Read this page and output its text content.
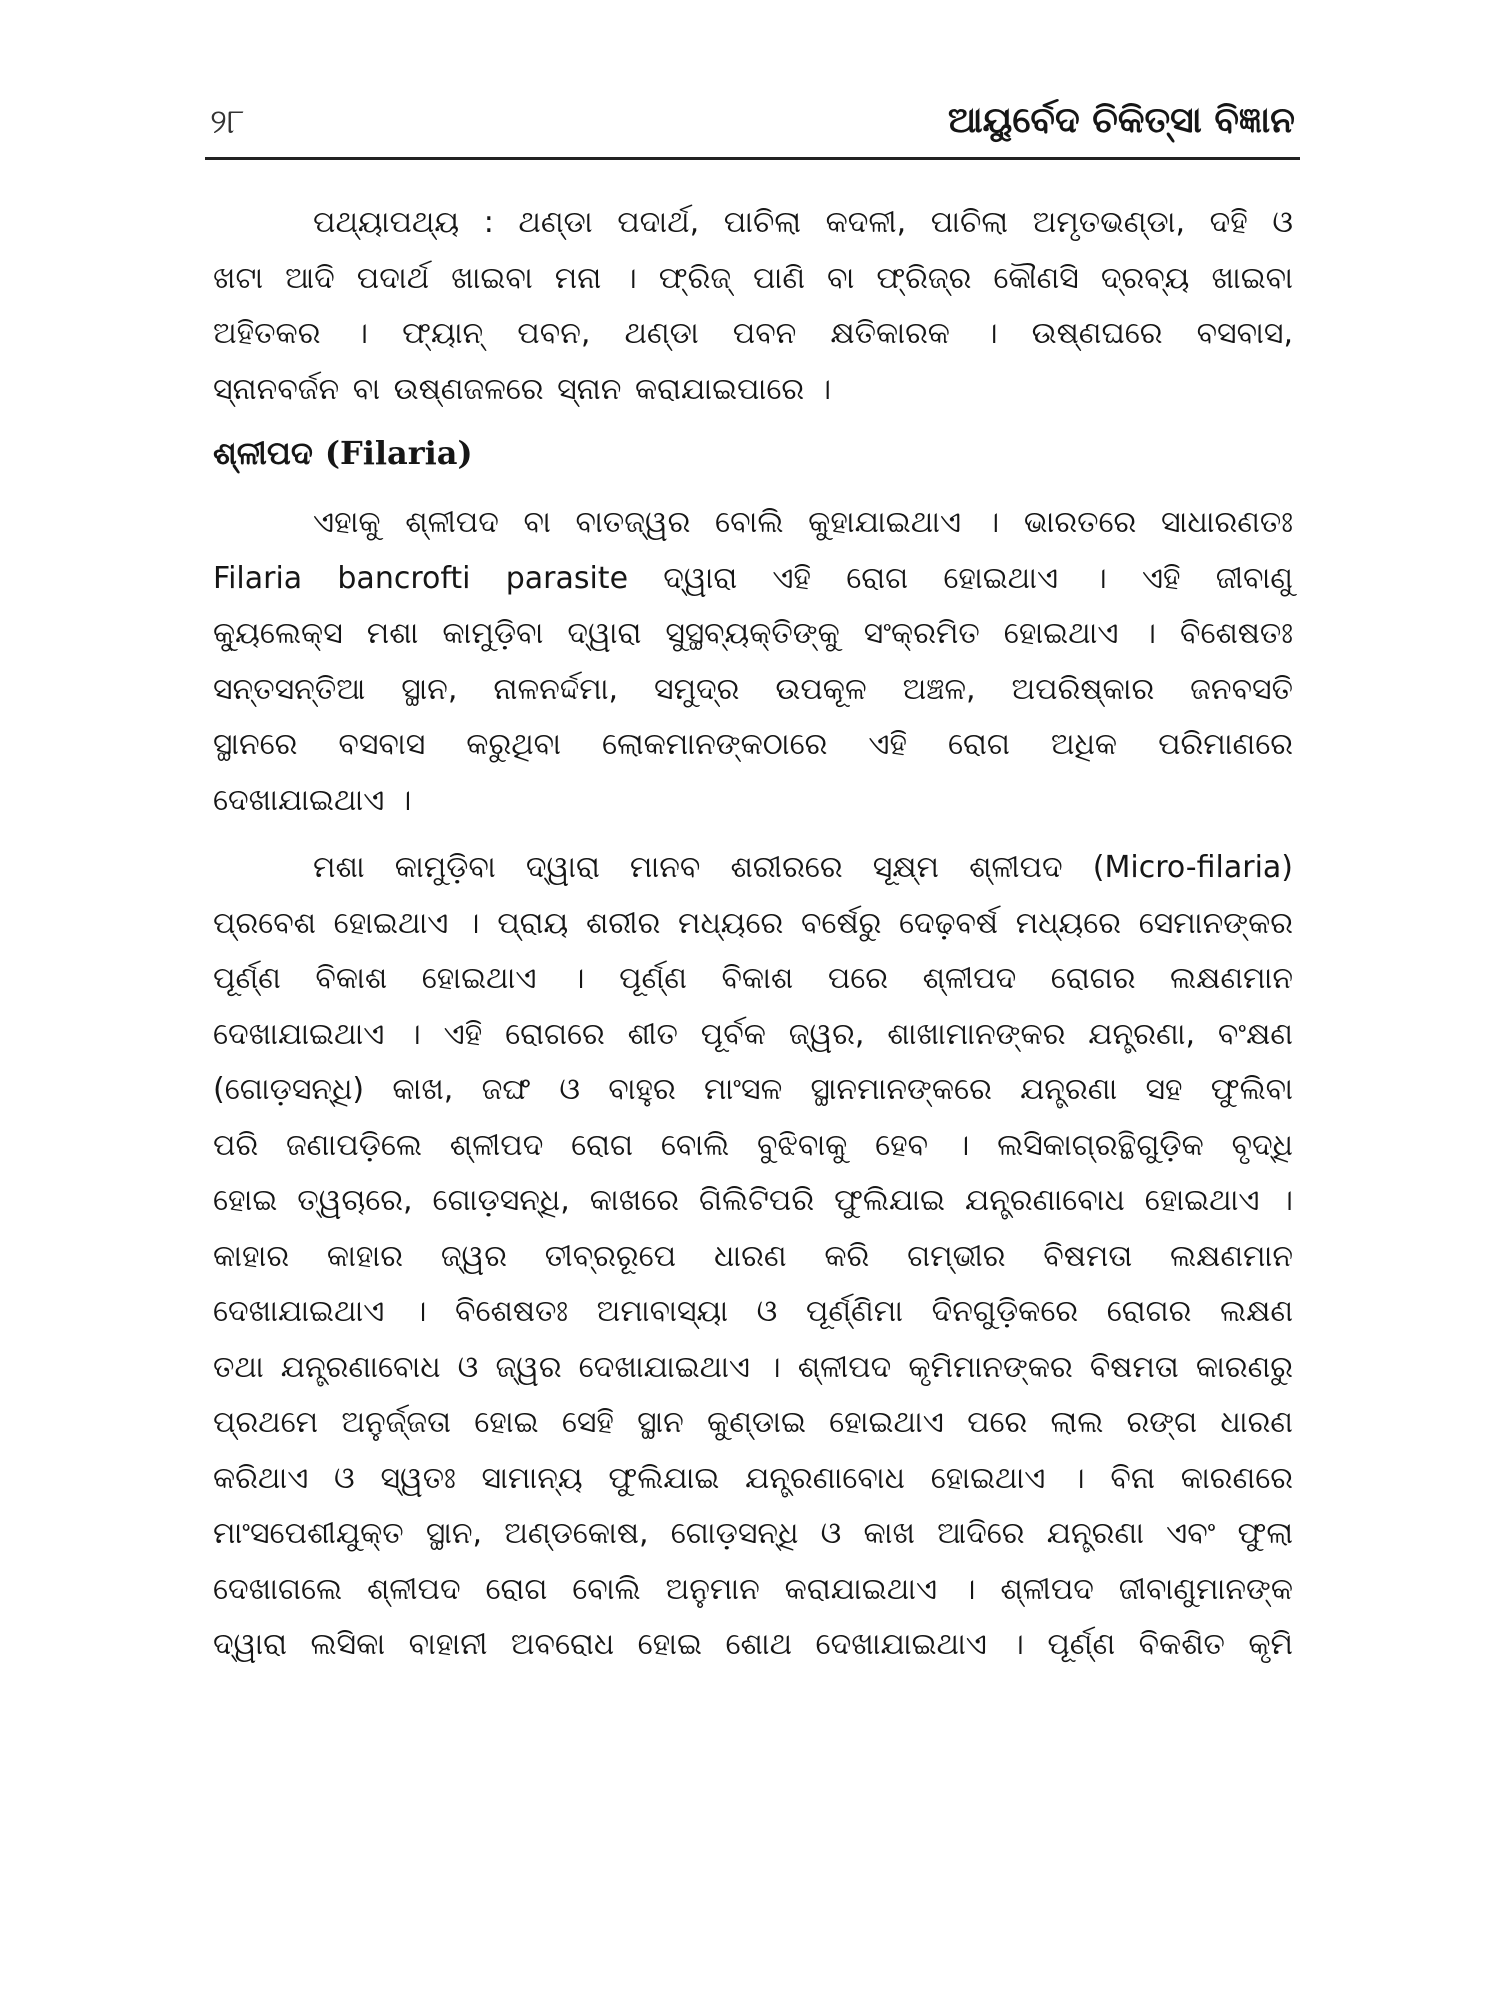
୨୮	ଆୟୁର୍ବେଦ ଚିକିତ୍ସା ବିଜ୍ଞାନ

ପଥ୍ୟାପଥ୍ୟ : ଥଣ୍ଡା ପଦାର୍ଥ, ପାଚିଲା କଦଳୀ, ପାଚିଲା ଅମୃତଭଣ୍ଡା, ଦହି ଓ

ଖଟା ଆଦି ପଦାର୍ଥ ଖାଇବା ମନା । ଫ୍ରିଜ୍ ପାଣି ବା ଫ୍ରିଜ୍‌ର କୌଣସି ଦ୍ରବ୍ୟ ଖାଇବା

ଅହିତକର । ଫ୍ୟାନ୍ ପବନ, ଥଣ୍ଡା ପବନ କ୍ଷତିକାରକ । ଉଷ୍ଣଘରେ ବସବାସ,

ସ୍ନାନବର୍ଜନ ବା ଉଷ୍ଣଜଳରେ ସ୍ନାନ କରାଯାଇପାରେ ।

ଶ୍ଳୀପଦ (Filaria)

ଏହାକୁ ଶ୍ଳୀପଦ ବା ବାତଜ୍ୱର ବୋଲି କୁହାଯାଇଥାଏ । ଭାରତରେ ସାଧାରଣତଃ

Filaria bancrofti parasite ଦ୍ୱାରା ଏହି ରୋଗ ହୋଇଥାଏ । ଏହି ଜୀବାଣୁ

କ୍ୟୁଲେକ୍ସ ମଶା କାମୁଡ଼ିବା ଦ୍ୱାରା ସୁସ୍ଥବ୍ୟକ୍ତିଙ୍କୁ ସଂକ୍ରମିତ ହୋଇଥାଏ । ବିଶେଷତଃ

ସନ୍ତସନ୍ତିଆ ସ୍ଥାନ, ନାଳନର୍ଦ୍ଦମା, ସମୁଦ୍ର ଉପକୂଳ ଅଞ୍ଚଳ, ଅପରିଷ୍କାର ଜନବସତି

ସ୍ଥାନରେ ବସବାସ କରୁଥିବା ଲୋକମାନଙ୍କଠାରେ ଏହି ରୋଗ ଅଧିକ ପରିମାଣରେ

ଦେଖାଯାଇଥାଏ ।

ମଶା କାମୁଡ଼ିବା ଦ୍ୱାରା ମାନବ ଶରୀରରେ ସୂକ୍ଷ୍ମ ଶ୍ଳୀପଦ (Micro-filaria)

ପ୍ରବେଶ ହୋଇଥାଏ । ପ୍ରାୟ ଶରୀର ମଧ୍ୟରେ ବର୍ଷେରୁ ଦେଢ଼ବର୍ଷ ମଧ୍ୟରେ ସେମାନଙ୍କର

ପୂର୍ଣ୍ଣ ବିକାଶ ହୋଇଥାଏ । ପୂର୍ଣ୍ଣ ବିକାଶ ପରେ ଶ୍ଳୀପଦ ରୋଗର ଲକ୍ଷଣମାନ

ଦେଖାଯାଇଥାଏ । ଏହି ରୋଗରେ ଶୀତ ପୂର୍ବକ ଜ୍ୱର, ଶାଖାମାନଙ୍କର ଯନ୍ତ୍ରଣା, ବଂକ୍ଷଣ

(ଗୋଡ଼ସନ୍ଧି) କାଖ, ଜଙ୍ଘ ଓ ବାହୁର ମାଂସଳ ସ୍ଥାନମାନଙ୍କରେ ଯନ୍ତ୍ରଣା ସହ ଫୁଲିବା

ପରି ଜଣାପଡ଼ିଲେ ଶ୍ଳୀପଦ ରୋଗ ବୋଲି ବୁଝିବାକୁ ହେବ । ଲସିକାଗ୍ରନ୍ଥିଗୁଡ଼ିକ ବୃଦ୍ଧି

ହୋଇ ତ୍ୱଚାରେ, ଗୋଡ଼ସନ୍ଧି, କାଖରେ ଗିଲିଟିପରି ଫୁଲିଯାଇ ଯନ୍ତ୍ରଣାବୋଧ ହୋଇଥାଏ ।

କାହାର କାହାର ଜ୍ୱର ତୀବ୍ରରୂପେ ଧାରଣ କରି ଗମ୍ଭୀର ବିଷମତା ଲକ୍ଷଣମାନ

ଦେଖାଯାଇଥାଏ । ବିଶେଷତଃ ଅମାବାସ୍ୟା ଓ ପୂର୍ଣ୍ଣିମା ଦିନଗୁଡ଼ିକରେ ରୋଗର ଲକ୍ଷଣ

ତଥା ଯନ୍ତ୍ରଣାବୋଧ ଓ ଜ୍ୱର ଦେଖାଯାଇଥାଏ । ଶ୍ଳୀପଦ କୃମିମାନଙ୍କର ବିଷମତା କାରଣରୁ

ପ୍ରଥମେ ଅନୁର୍ଜ୍ଜତା ହୋଇ ସେହି ସ୍ଥାନ କୁଣ୍ଡାଇ ହୋଇଥାଏ ପରେ ଲାଲ ରଙ୍ଗ ଧାରଣ

କରିଥାଏ ଓ ସ୍ୱତଃ ସାମାନ୍ୟ ଫୁଲିଯାଇ ଯନ୍ତ୍ରଣାବୋଧ ହୋଇଥାଏ । ବିନା କାରଣରେ

ମାଂସପେଶୀଯୁକ୍ତ ସ୍ଥାନ, ଅଣ୍ଡକୋଷ, ଗୋଡ଼ସନ୍ଧି ଓ କାଖ ଆଦିରେ ଯନ୍ତ୍ରଣା ଏବଂ ଫୁଲା

ଦେଖାଗଲେ ଶ୍ଳୀପଦ ରୋଗ ବୋଲି ଅନୁମାନ କରାଯାଇଥାଏ । ଶ୍ଳୀପଦ ଜୀବାଣୁମାନଙ୍କ

ଦ୍ୱାରା ଲସିକା ବାହାନୀ ଅବରୋଧ ହୋଇ ଶୋଥ ଦେଖାଯାଇଥାଏ । ପୂର୍ଣ୍ଣ ବିକଶିତ କୃମି
